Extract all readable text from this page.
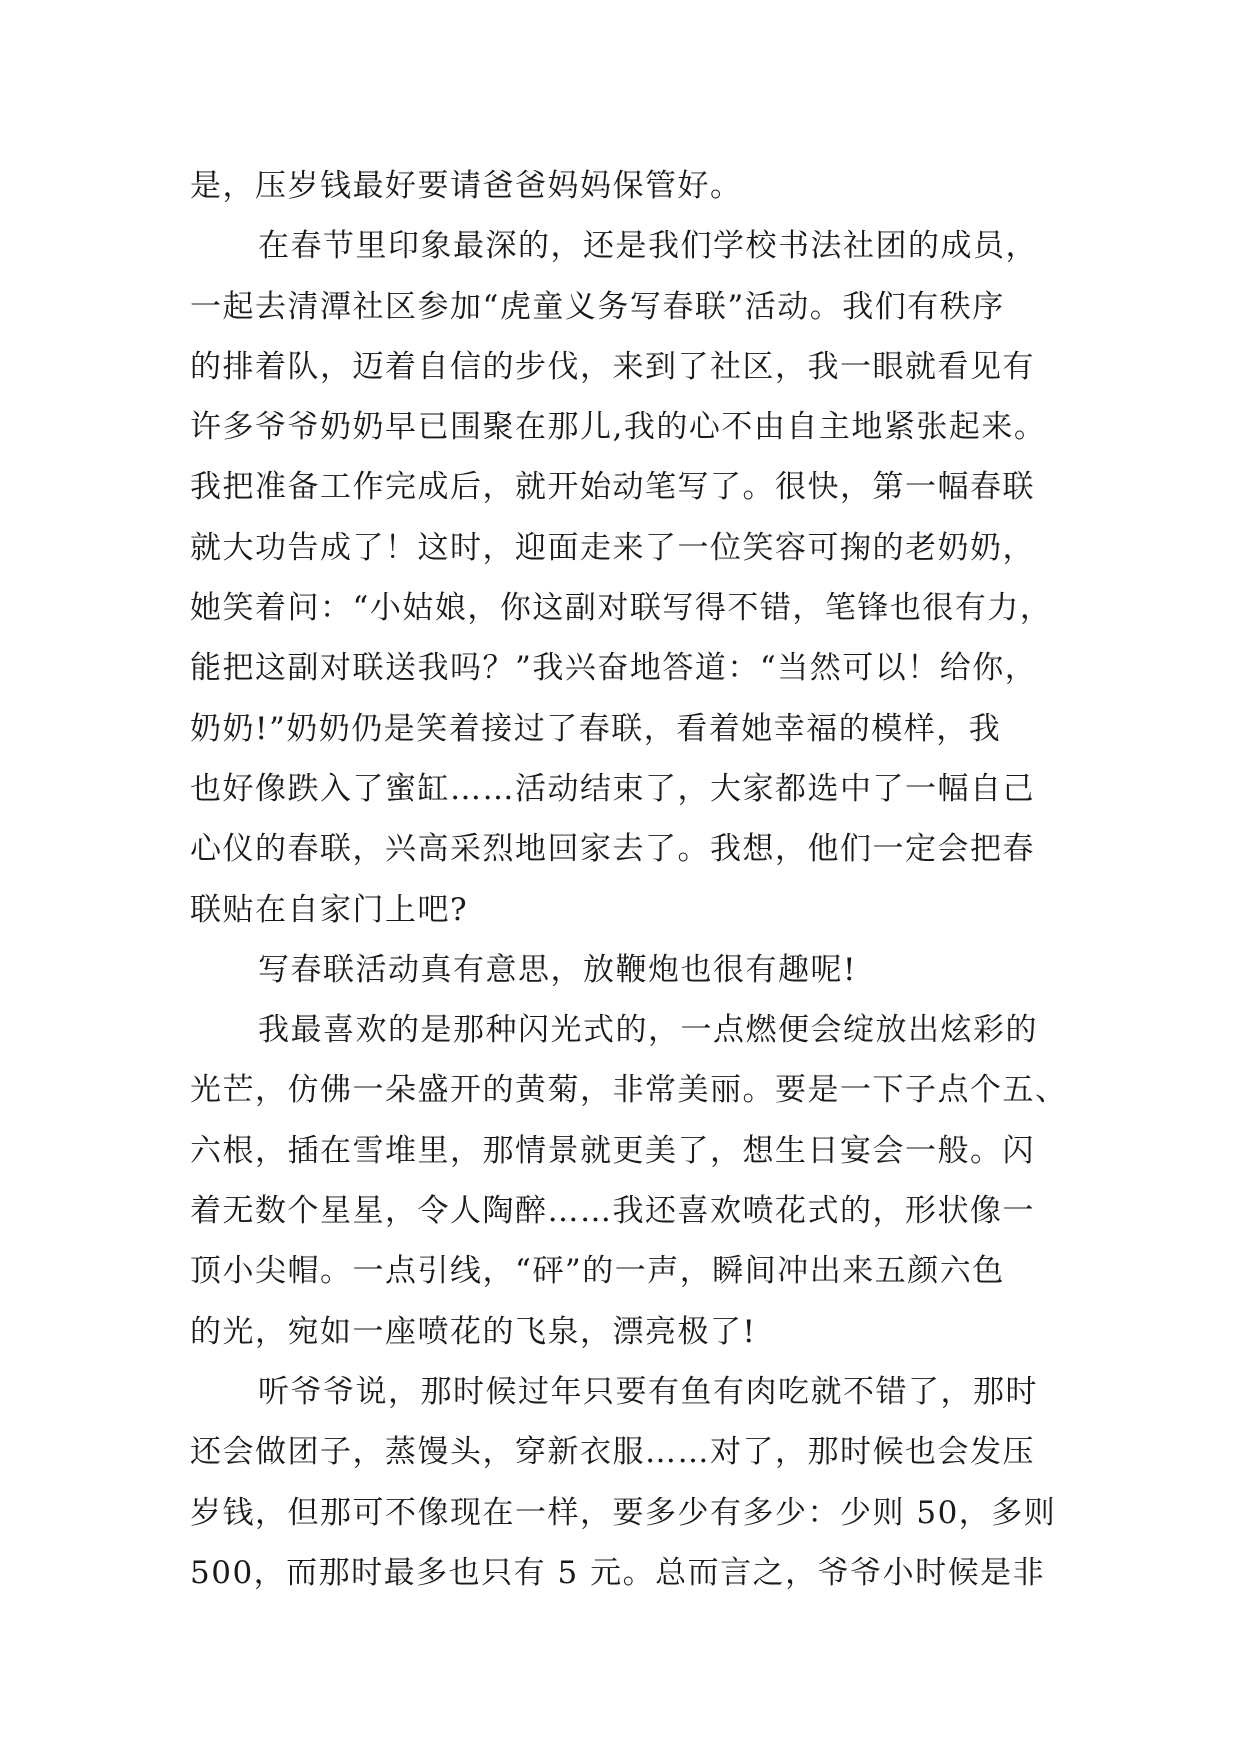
是，压岁钱最好要请爸爸妈妈保管好。
在春节里印象最深的，还是我们学校书法社团的成员，
一起去清潭社区参加“虎童义务写春联”活动。我们有秩序
的排着队，迈着自信的步伐，来到了社区，我一眼就看见有
许多爷爷奶奶早已围聚在那儿,我的心不由自主地紧张起来。
我把准备工作完成后，就开始动笔写了。很快，第一幅春联
就大功告成了！这时，迎面走来了一位笑容可掬的老奶奶，
她笑着问：“小姑娘，你这副对联写得不错，笔锋也很有力，
能把这副对联送我吗？”我兴奋地答道：“当然可以！给你，
奶奶!”奶奶仍是笑着接过了春联，看着她幸福的模样，我
也好像跌入了蜜缸……活动结束了，大家都选中了一幅自己
心仪的春联，兴高采烈地回家去了。我想，他们一定会把春
联贴在自家门上吧?
写春联活动真有意思，放鞭炮也很有趣呢!
我最喜欢的是那种闪光式的，一点燃便会绽放出炫彩的
光芒，仿佛一朵盛开的黄菊，非常美丽。要是一下子点个五、
六根，插在雪堆里，那情景就更美了，想生日宴会一般。闪
着无数个星星，令人陶醉……我还喜欢喷花式的，形状像一
顶小尖帽。一点引线，“砰”的一声，瞬间冲出来五颜六色
的光，宛如一座喷花的飞泉，漂亮极了!
听爷爷说，那时候过年只要有鱼有肉吃就不错了，那时
还会做团子，蒸馒头，穿新衣服……对了，那时候也会发压
岁钱，但那可不像现在一样，要多少有多少：少则 50，多则
500，而那时最多也只有 5 元。总而言之，爷爷小时候是非
